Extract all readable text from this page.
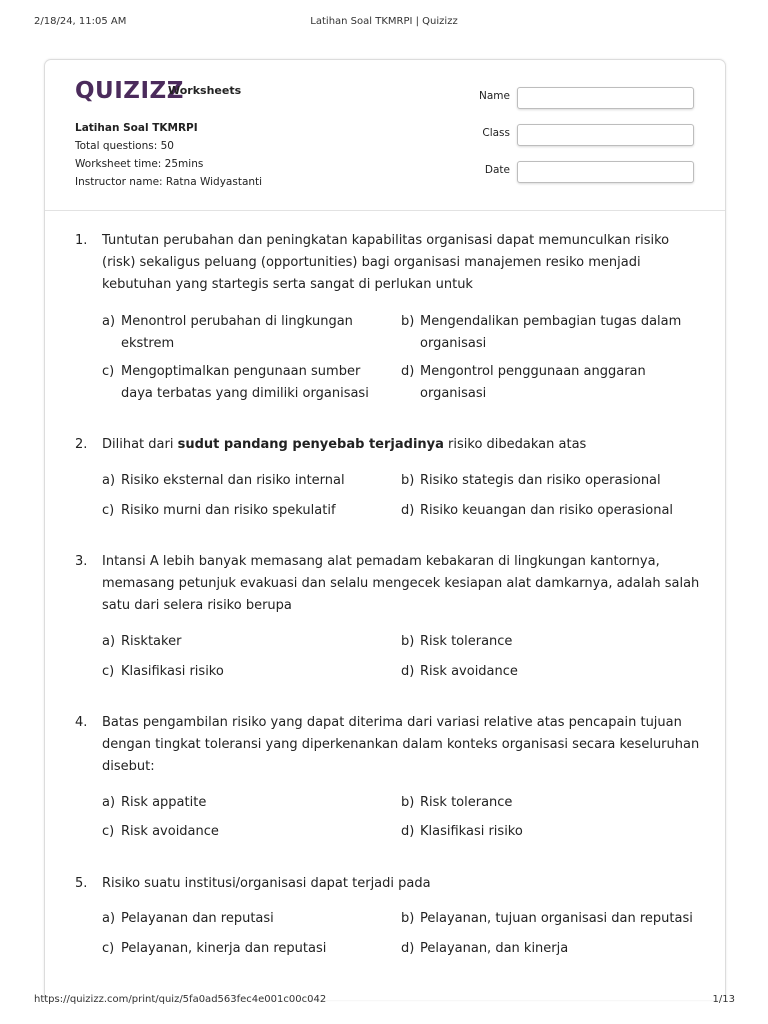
2/18/24, 11:05 AM	Latihan Soal TKMRPI | Quizizz
QUIZIZZ
Worksheets
Latihan Soal TKMRPI
Total questions: 50
Worksheet time: 25mins
Instructor name: Ratna Widyastanti
Name
Class
Date
1. Tuntutan perubahan dan peningkatan kapabilitas organisasi dapat memunculkan risiko (risk) sekaligus peluang (opportunities) bagi organisasi manajemen resiko menjadi kebutuhan yang startegis serta sangat di perlukan untuk
a) Menontrol perubahan di lingkungan ekstrem
b) Mengendalikan pembagian tugas dalam organisasi
c) Mengoptimalkan pengunaan sumber daya terbatas yang dimiliki organisasi
d) Mengontrol penggunaan anggaran organisasi
2. Dilihat dari sudut pandang penyebab terjadinya risiko dibedakan atas
a) Risiko eksternal dan risiko internal	b) Risiko stategis dan risiko operasional
c) Risiko murni dan risiko spekulatif	d) Risiko keuangan dan risiko operasional
3. Intansi A lebih banyak memasang alat pemadam kebakaran di lingkungan kantornya, memasang petunjuk evakuasi dan selalu mengecek kesiapan alat damkarnya, adalah salah satu dari selera risiko berupa
a) Risktaker	b) Risk tolerance
c) Klasifikasi risiko	d) Risk avoidance
4. Batas pengambilan risiko yang dapat diterima dari variasi relative atas pencapain tujuan dengan tingkat toleransi yang diperkenankan dalam konteks organisasi secara keseluruhan disebut:
a) Risk appatite	b) Risk tolerance
c) Risk avoidance	d) Klasifikasi risiko
5. Risiko suatu institusi/organisasi dapat terjadi pada
a) Pelayanan dan reputasi	b) Pelayanan, tujuan organisasi dan reputasi
c) Pelayanan, kinerja dan reputasi	d) Pelayanan, dan kinerja
https://quizizz.com/print/quiz/5fa0ad563fec4e001c00c042	1/13
